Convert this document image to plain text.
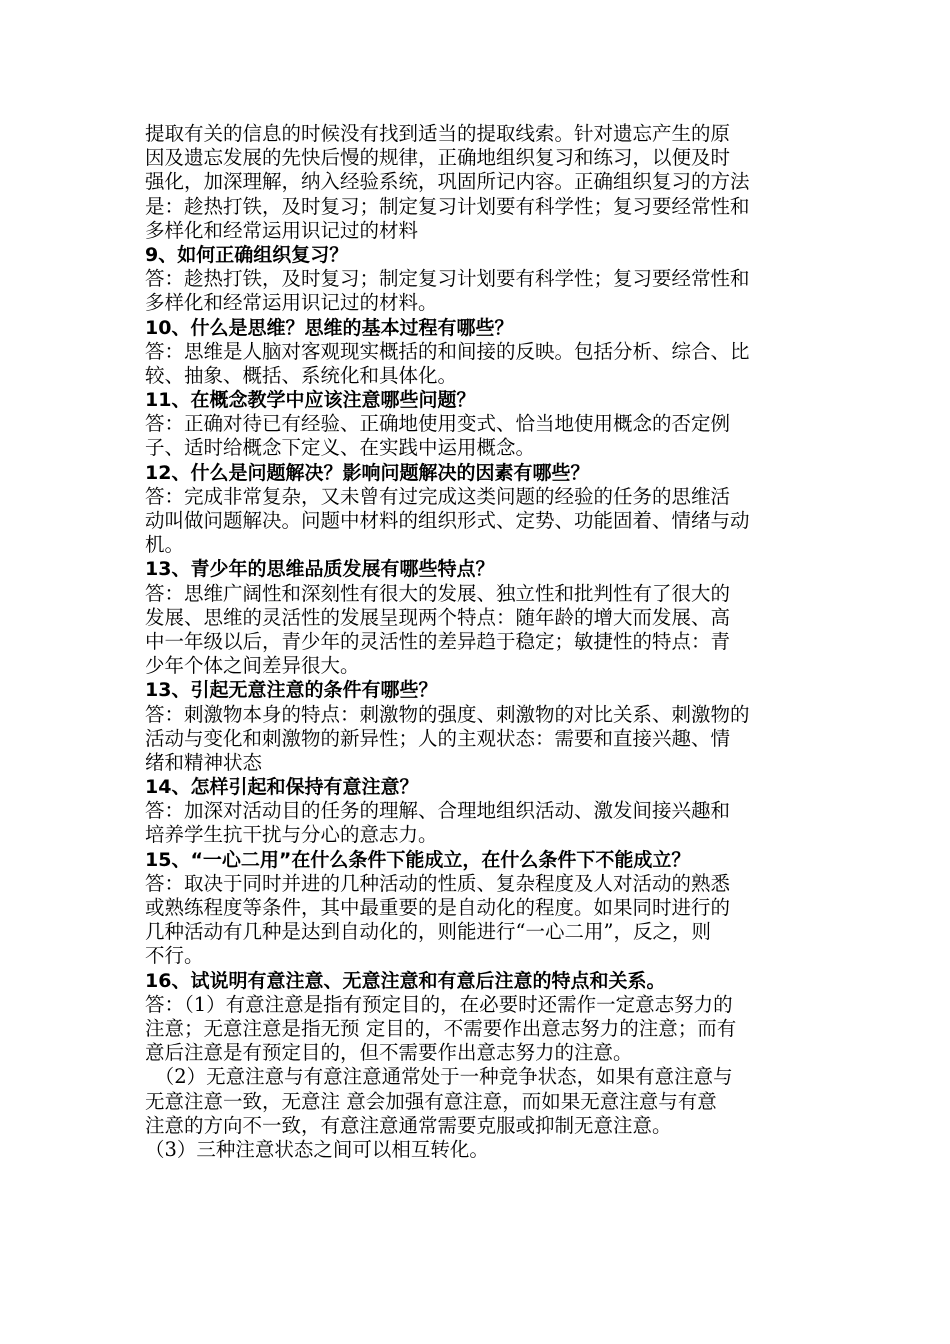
提取有关的信息的时候没有找到适当的提取线索。针对遗忘产生的原
因及遗忘发展的先快后慢的规律，正确地组织复习和练习，以便及时
强化，加深理解，纳入经验系统，巩固所记内容。正确组织复习的方法
是：趁热打铁，及时复习；制定复习计划要有科学性；复习要经常性和
多样化和经常运用识记过的材料
9、如何正确组织复习？
答：趁热打铁，及时复习；制定复习计划要有科学性；复习要经常性和
多样化和经常运用识记过的材料。
10、什么是思维？思维的基本过程有哪些？
答：思维是人脑对客观现实概括的和间接的反映。包括分析、综合、比
较、抽象、概括、系统化和具体化。
11、在概念教学中应该注意哪些问题？
答：正确对待已有经验、正确地使用变式、恰当地使用概念的否定例
子、适时给概念下定义、在实践中运用概念。
12、什么是问题解决？影响问题解决的因素有哪些？
答：完成非常复杂，又未曾有过完成这类问题的经验的任务的思维活
动叫做问题解决。问题中材料的组织形式、定势、功能固着、情绪与动
机。
13、青少年的思维品质发展有哪些特点？
答：思维广阔性和深刻性有很大的发展、独立性和批判性有了很大的
发展、思维的灵活性的发展呈现两个特点：随年龄的增大而发展、高
中一年级以后，青少年的灵活性的差异趋于稳定；敏捷性的特点：青
少年个体之间差异很大。
13、引起无意注意的条件有哪些？
答：刺激物本身的特点：刺激物的强度、刺激物的对比关系、刺激物的
活动与变化和刺激物的新异性；人的主观状态：需要和直接兴趣、情
绪和精神状态
14、怎样引起和保持有意注意？
答：加深对活动目的任务的理解、合理地组织活动、激发间接兴趣和
培养学生抗干扰与分心的意志力。
15、“一心二用”在什么条件下能成立，在什么条件下不能成立？
答：取决于同时并进的几种活动的性质、复杂程度及人对活动的熟悉
或熟练程度等条件，其中最重要的是自动化的程度。如果同时进行的
几种活动有几种是达到自动化的，则能进行“一心二用”，反之，则
不行。
16、试说明有意注意、无意注意和有意后注意的特点和关系。
答：（1）有意注意是指有预定目的，在必要时还需作一定意志努力的
注意；无意注意是指无预 定目的，不需要作出意志努力的注意；而有
意后注意是有预定目的，但不需要作出意志努力的注意。
　（2）无意注意与有意注意通常处于一种竞争状态，如果有意注意与
无意注意一致，无意注 意会加强有意注意，而如果无意注意与有意
注意的方向不一致，有意注意通常需要克服或抑制无意注意。
（3）三种注意状态之间可以相互转化。
